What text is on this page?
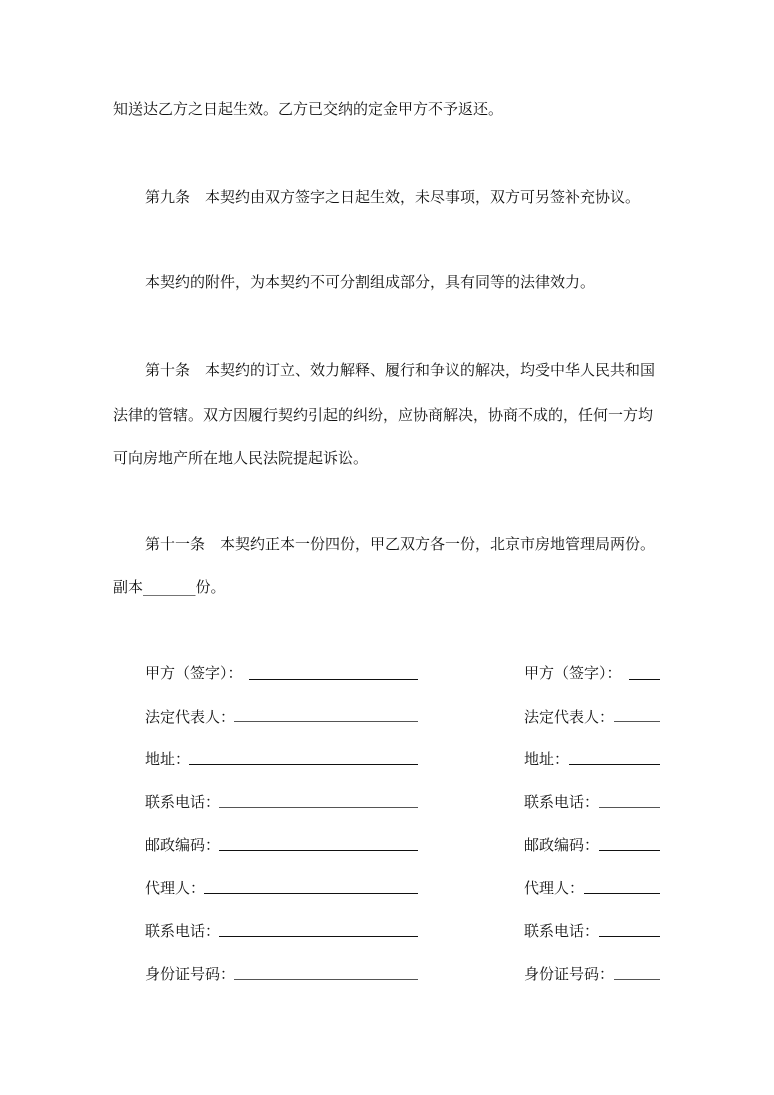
知送达乙方之日起生效。乙方已交纳的定金甲方不予返还。
第九条　本契约由双方签字之日起生效，未尽事项，双方可另签补充协议。
本契约的附件，为本契约不可分割组成部分，具有同等的法律效力。
第十条　本契约的订立、效力解释、履行和争议的解决，均受中华人民共和国
法律的管辖。双方因履行契约引起的纠纷，应协商解决，协商不成的，任何一方均
可向房地产所在地人民法院提起诉讼。
第十一条　本契约正本一份四份，甲乙双方各一份，北京市房地管理局两份。
副本_______份。
甲方（签字）：
法定代表人：
地址：
联系电话：
邮政编码：
代理人：
联系电话：
身份证号码：
甲方（签字）：
法定代表人：
地址：
联系电话：
邮政编码：
代理人：
联系电话：
身份证号码：
